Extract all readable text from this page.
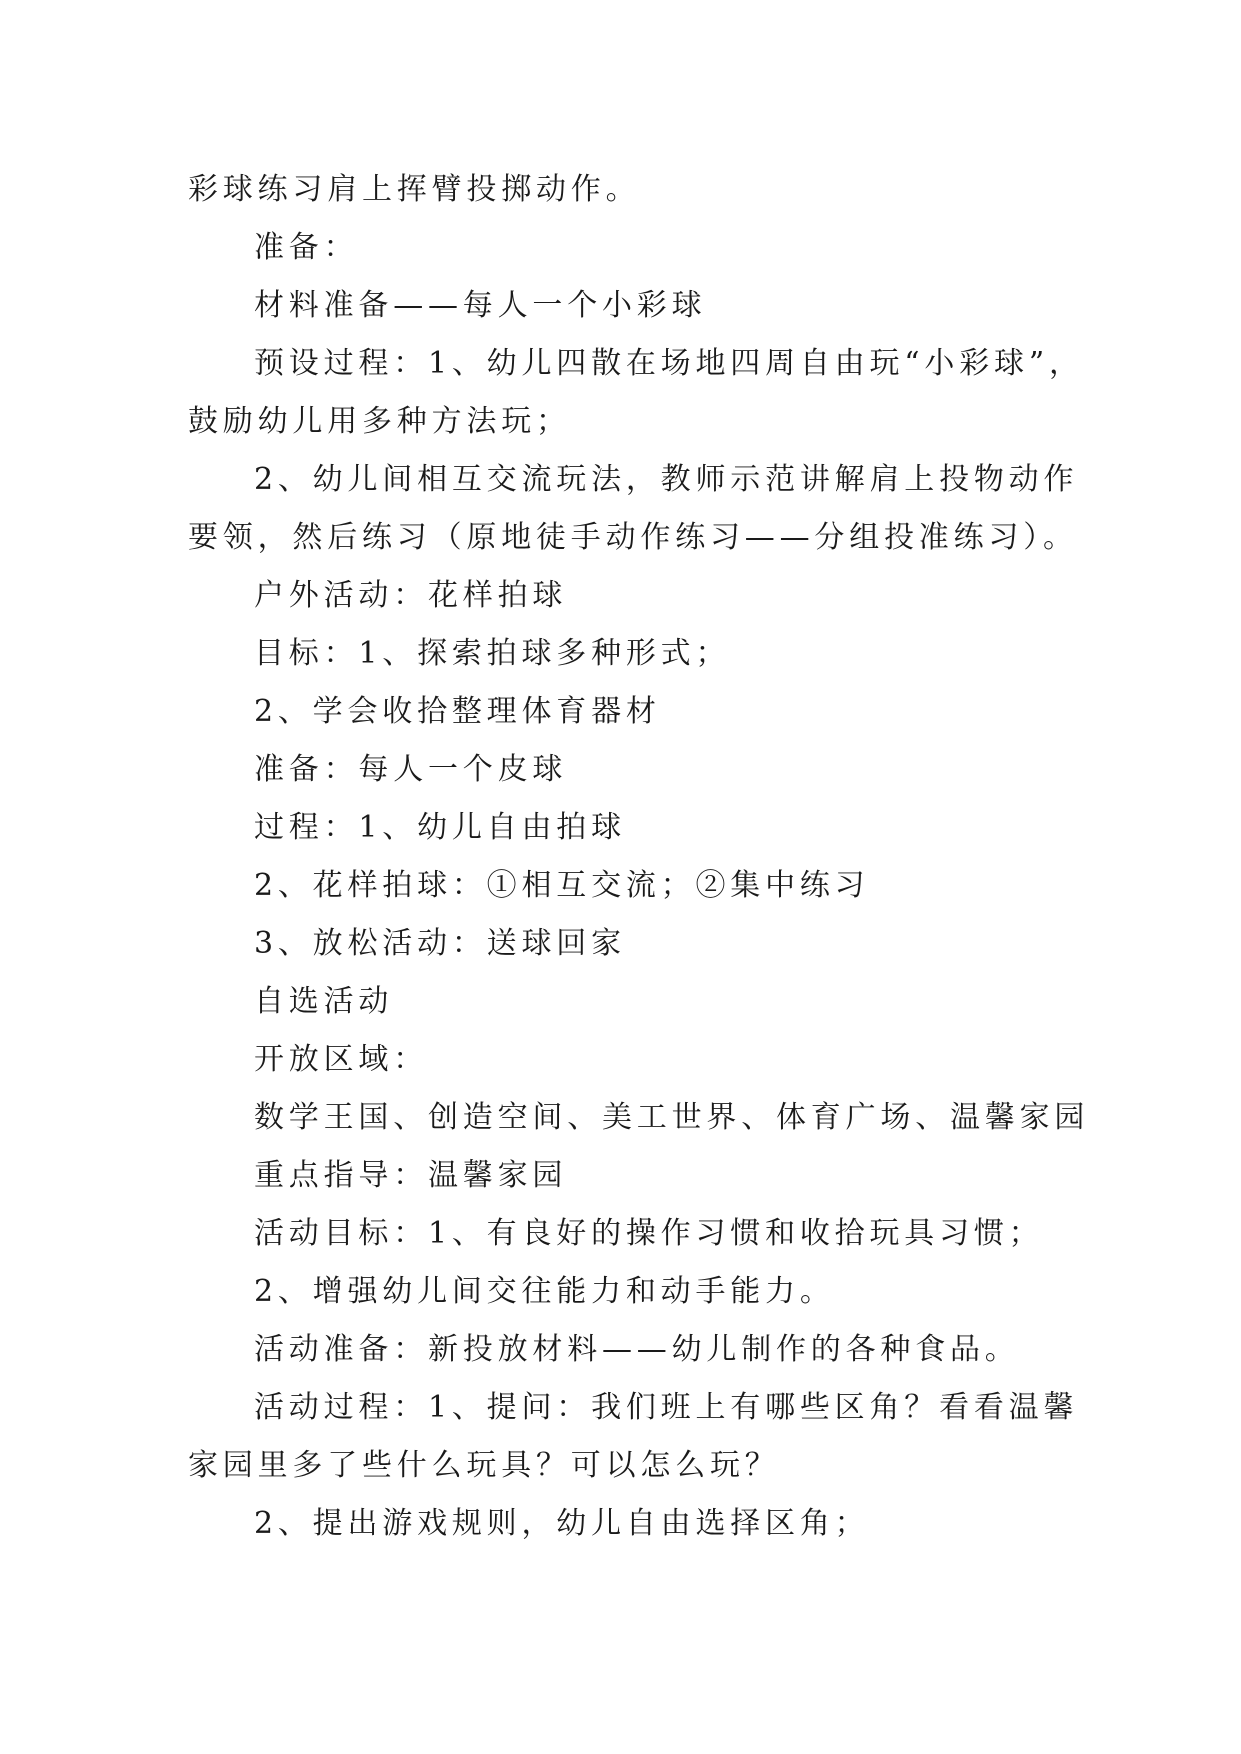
彩球练习肩上挥臂投掷动作。
准备：
材料准备——每人一个小彩球
预设过程：1、幼儿四散在场地四周自由玩“小彩球”，
鼓励幼儿用多种方法玩；
2、幼儿间相互交流玩法，教师示范讲解肩上投物动作
要领，然后练习（原地徒手动作练习——分组投准练习）。
户外活动：花样拍球
目标：1、探索拍球多种形式；
2、学会收拾整理体育器材
准备：每人一个皮球
过程：1、幼儿自由拍球
2、花样拍球：①相互交流；②集中练习
3、放松活动：送球回家
自选活动
开放区域：
数学王国、创造空间、美工世界、体育广场、温馨家园
重点指导：温馨家园
活动目标：1、有良好的操作习惯和收拾玩具习惯；
2、增强幼儿间交往能力和动手能力。
活动准备：新投放材料——幼儿制作的各种食品。
活动过程：1、提问：我们班上有哪些区角？看看温馨
家园里多了些什么玩具？可以怎么玩？
2、提出游戏规则，幼儿自由选择区角；
